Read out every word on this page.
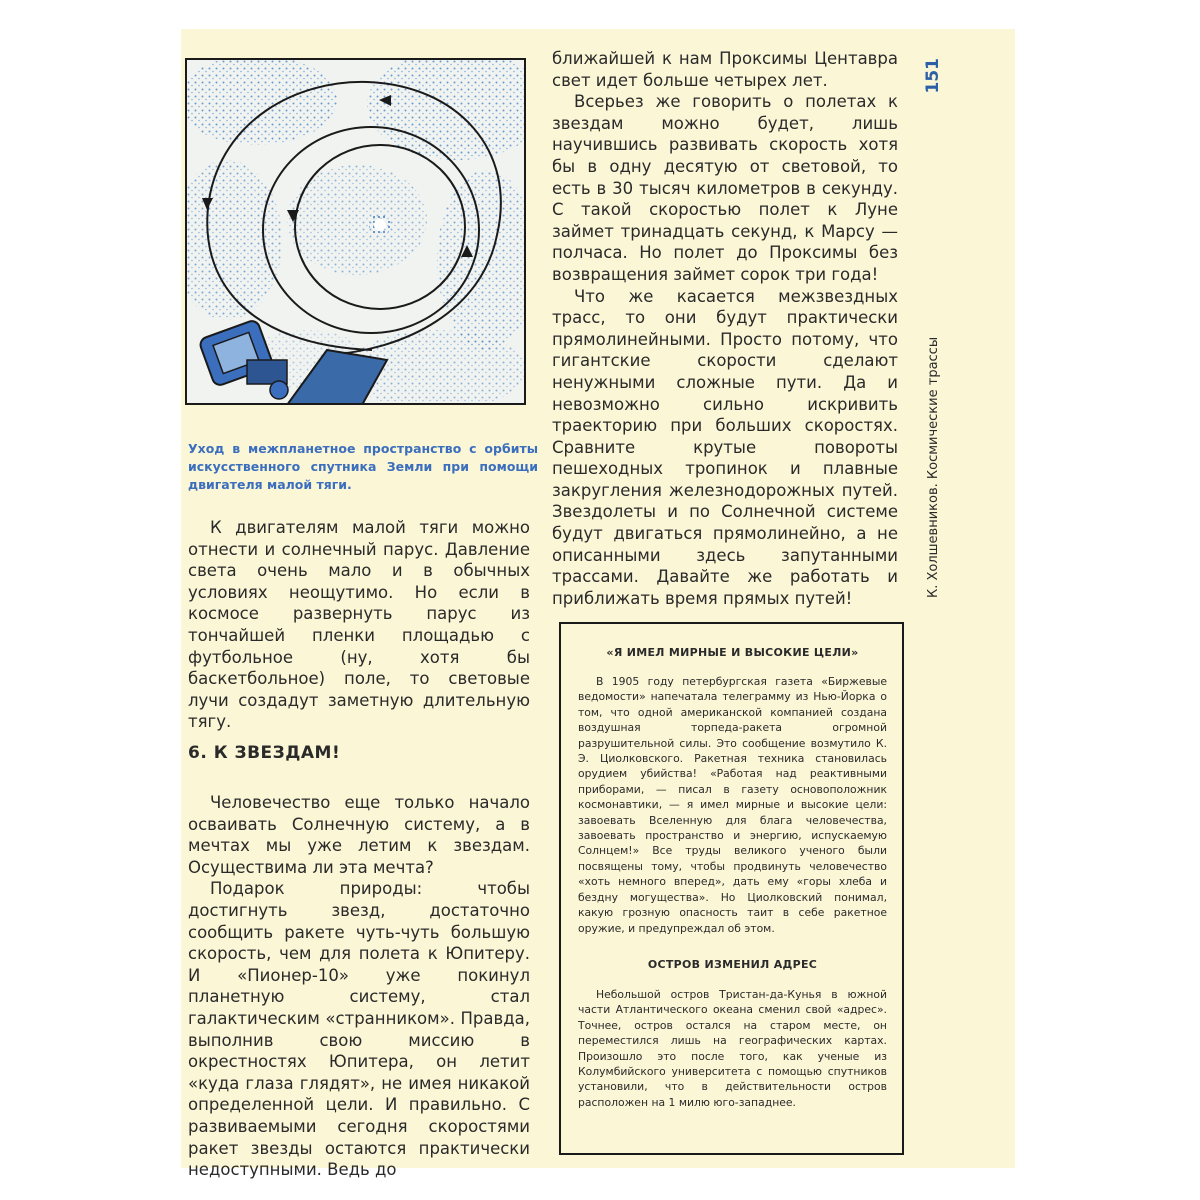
Уход в межпланетное пространство с орбиты искусственного спутника Земли при помощи двигателя малой тяги.

К двигателям малой тяги можно отнести и солнечный парус. Давление света очень мало и в обычных условиях неощутимо. Но если в космосе развернуть парус из тончайшей пленки площадью с футбольное (ну, хотя бы баскетбольное) поле, то световые лучи создадут заметную длительную тягу.

6. К ЗВЕЗДАМ!

Человечество еще только начало осваивать Солнечную систему, а в мечтах мы уже летим к звездам. Осуществима ли эта мечта?

Подарок природы: чтобы достигнуть звезд, достаточно сообщить ракете чуть-чуть большую скорость, чем для полета к Юпитеру. И «Пионер-10» уже покинул планетную систему, стал галактическим «странником». Правда, выполнив свою миссию в окрестностях Юпитера, он летит «куда глаза глядят», не имея никакой определенной цели. И правильно. С развиваемыми сегодня скоростями ракет звезды остаются практически недоступными. Ведь до

ближайшей к нам Проксимы Центавра свет идет больше четырех лет.

Всерьез же говорить о полетах к звездам можно будет, лишь научившись развивать скорость хотя бы в одну десятую от световой, то есть в 30 тысяч километров в секунду. С такой скоростью полет к Луне займет тринадцать секунд, к Марсу — полчаса. Но полет до Проксимы без возвращения займет сорок три года!

Что же касается межзвездных трасс, то они будут практически прямолинейными. Просто потому, что гигантские скорости сделают ненужными сложные пути. Да и невозможно сильно искривить траекторию при больших скоростях. Сравните крутые повороты пешеходных тропинок и плавные закругления железнодорожных путей. Звездолеты и по Солнечной системе будут двигаться прямолинейно, а не описанными здесь запутанными трассами. Давайте же работать и приближать время прямых путей!

К. Холшевников. Космические трассы
151
«Я ИМЕЛ МИРНЫЕ И ВЫСОКИЕ ЦЕЛИ»

В 1905 году петербургская газета «Биржевые ведомости» напечатала телеграмму из Нью-Йорка о том, что одной американской компанией создана воздушная торпеда-ракета огромной разрушительной силы. Это сообщение возмутило К. Э. Циолковского. Ракетная техника становилась орудием убийства! «Работая над реактивными приборами, — писал в газету основоположник космонавтики, — я имел мирные и высокие цели: завоевать Вселенную для блага человечества, завоевать пространство и энергию, испускаемую Солнцем!» Все труды великого ученого были посвящены тому, чтобы продвинуть человечество «хоть немного вперед», дать ему «горы хлеба и бездну могущества». Но Циолковский понимал, какую грозную опасность таит в себе ракетное оружие, и предупреждал об этом.

ОСТРОВ ИЗМЕНИЛ АДРЕС

Небольшой остров Тристан-да-Кунья в южной части Атлантического океана сменил свой «адрес». Точнее, остров остался на старом месте, он переместился лишь на географических картах. Произошло это после того, как ученые из Колумбийского университета с помощью спутников установили, что в действительности остров расположен на 1 милю юго-западнее.
